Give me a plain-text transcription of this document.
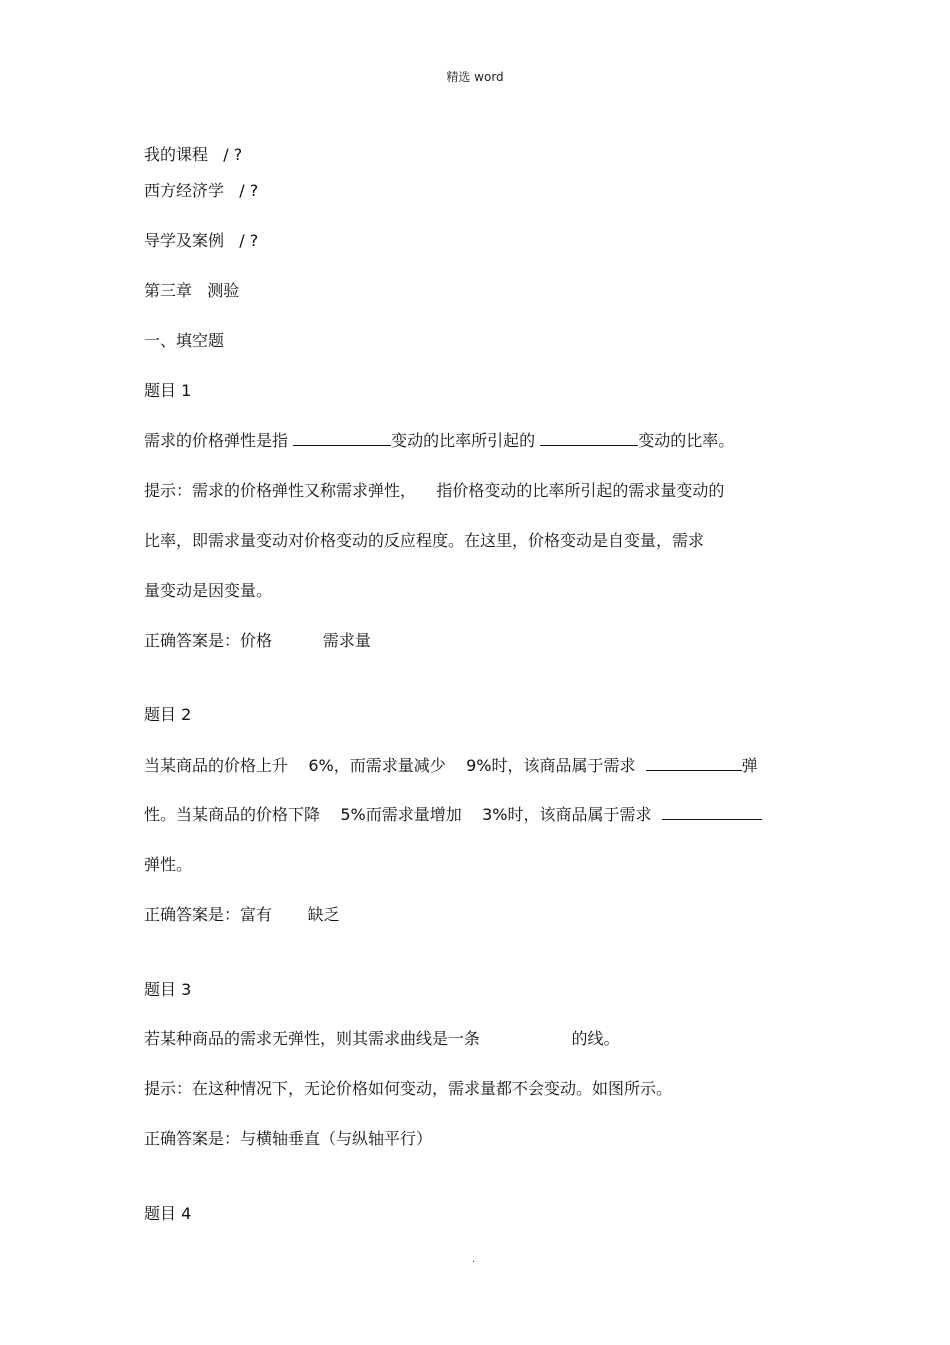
精选 word
我的课程   / ?
西方经济学   / ?
导学及案例   / ?
第三章   测验
一、填空题
题目 1
需求的价格弹性是指	变动的比率所引起的	变动的比率。
提示：需求的价格弹性又称需求弹性，    指价格变动的比率所引起的需求量变动的
比率，即需求量变动对价格变动的反应程度。在这里，价格变动是自变量，需求
量变动是因变量。
正确答案是：价格          需求量
题目 2
当某商品的价格上升    6%，而需求量减少    9%时，该商品属于需求	弹
性。当某商品的价格下降    5%而需求量增加    3%时，该商品属于需求
弹性。
正确答案是：富有       缺乏
题目 3
若某种商品的需求无弹性，则其需求曲线是一条                  的线。
提示：在这种情况下，无论价格如何变动，需求量都不会变动。如图所示。
正确答案是：与横轴垂直（与纵轴平行）
题目 4
.
